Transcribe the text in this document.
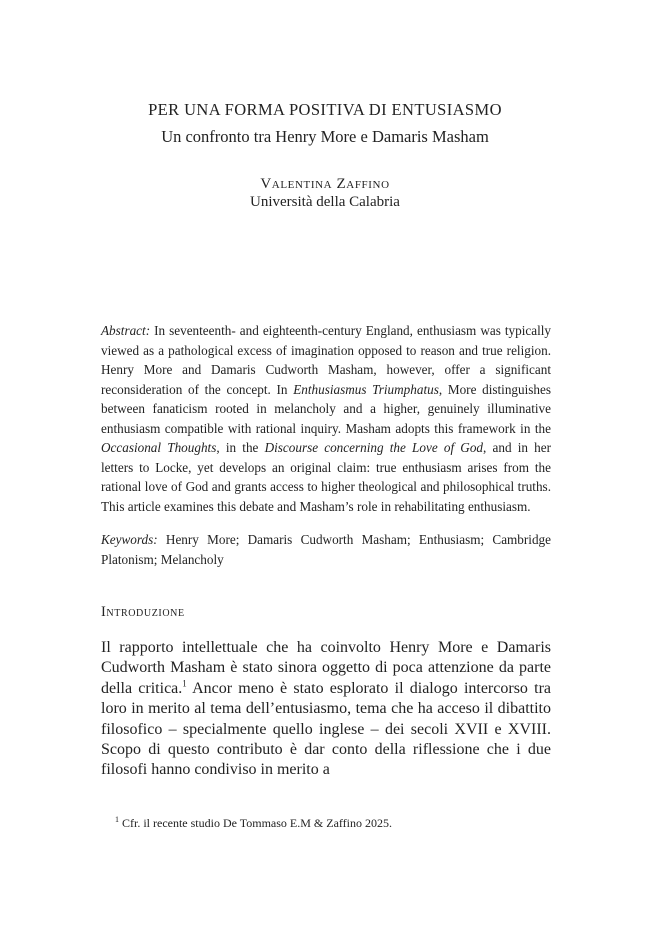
PER UNA FORMA POSITIVA DI ENTUSIASMO
Un confronto tra Henry More e Damaris Masham
Valentina Zaffino
Università della Calabria
Abstract: In seventeenth- and eighteenth-century England, enthusiasm was typically viewed as a pathological excess of imagination opposed to reason and true religion. Henry More and Damaris Cudworth Masham, however, offer a significant reconsideration of the concept. In Enthusiasmus Triumphatus, More distinguishes between fanaticism rooted in melancholy and a higher, genuinely illuminative enthusiasm compatible with rational inquiry. Masham adopts this framework in the Occasional Thoughts, in the Discourse concerning the Love of God, and in her letters to Locke, yet develops an original claim: true enthusiasm arises from the rational love of God and grants access to higher theological and philosophical truths. This article examines this debate and Masham’s role in rehabilitating enthusiasm.
Keywords: Henry More; Damaris Cudworth Masham; Enthusiasm; Cambridge Platonism; Melancholy
Introduzione
Il rapporto intellettuale che ha coinvolto Henry More e Damaris Cudworth Masham è stato sinora oggetto di poca attenzione da parte della critica.$^1$ Ancor meno è stato esplorato il dialogo intercorso tra loro in merito al tema dell’entusiasmo, tema che ha acceso il dibattito filosofico – specialmente quello inglese – dei secoli XVII e XVIII. Scopo di questo contributo è dar conto della riflessione che i due filosofi hanno condiviso in merito a
$^1$ Cfr. il recente studio De Tommaso E.M & Zaffino 2025.
